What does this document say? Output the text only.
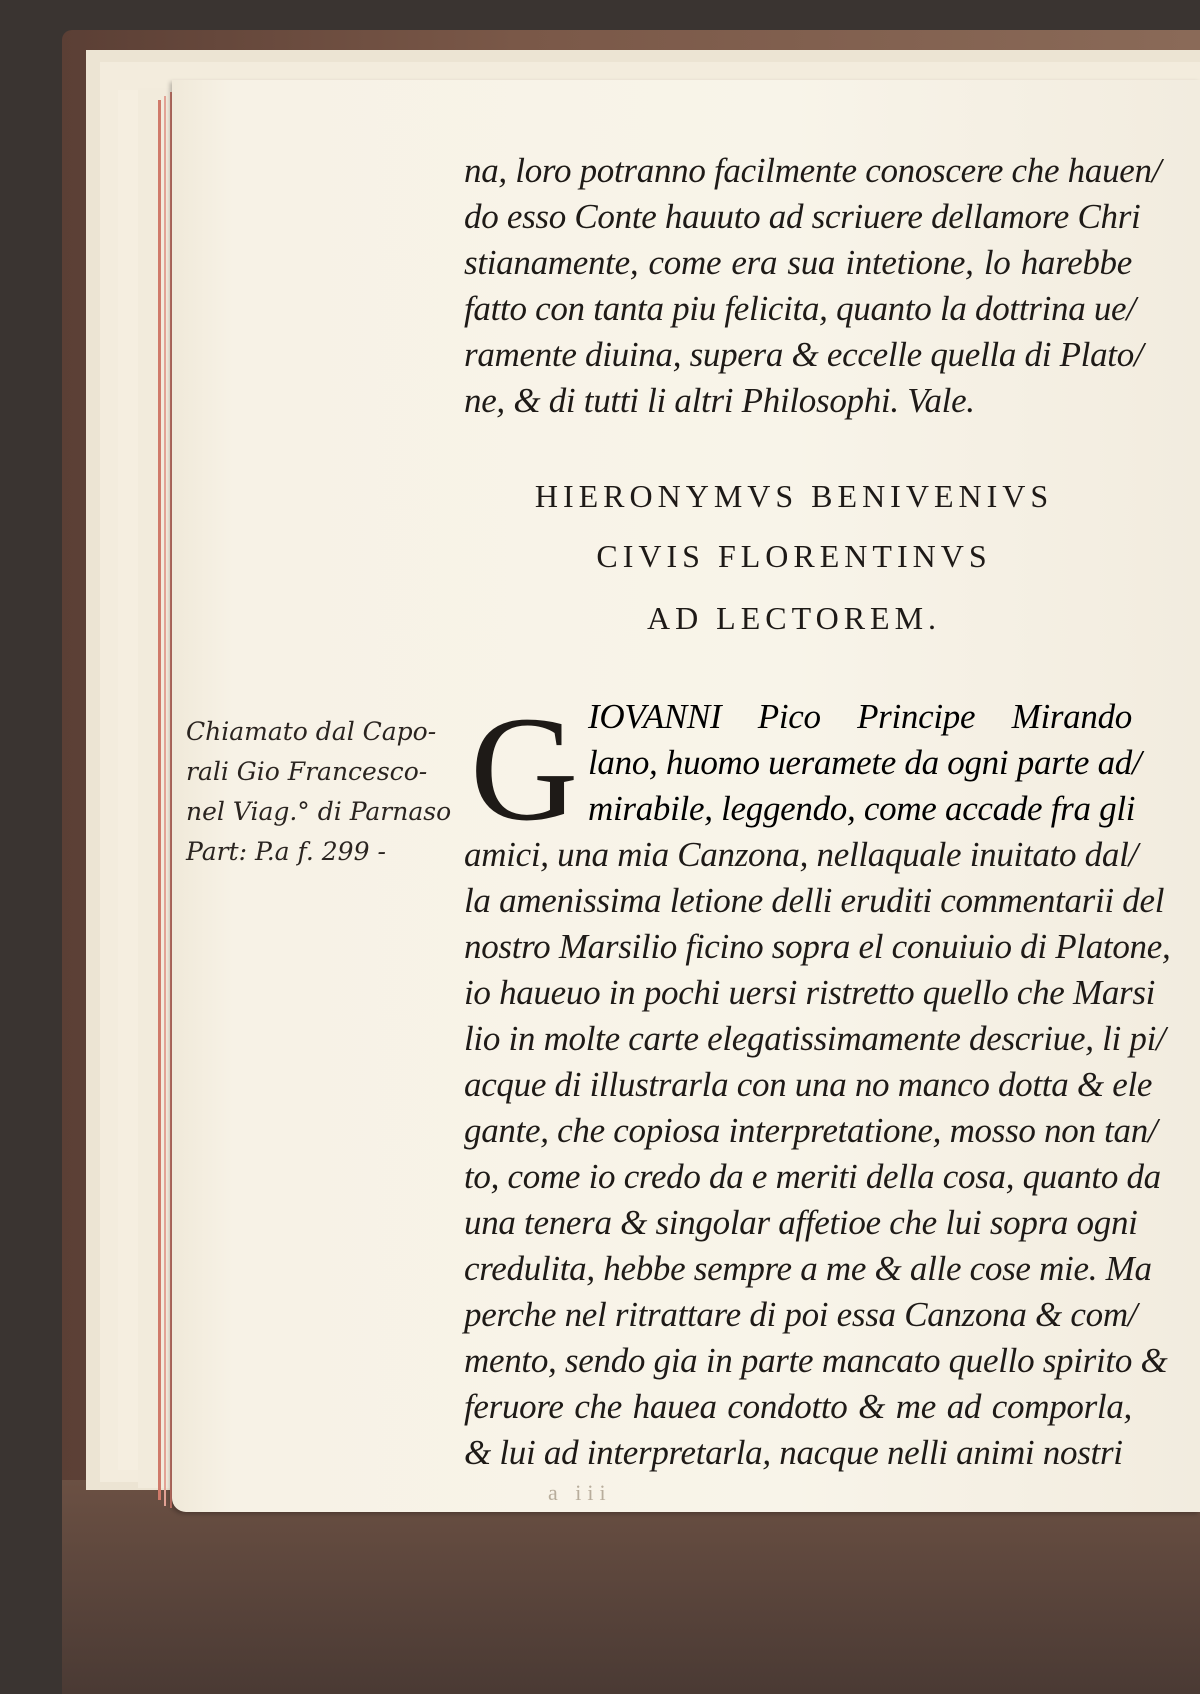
na, loro potranno facilmente conoscere che hauen/
do esso Conte hauuto ad scriuere dellamore Chri
stianamente, come era sua intetione, lo harebbe
fatto con tanta piu felicita, quanto la dottrina ue/
ramente diuina, supera & eccelle quella di Plato/
ne, & di tutti li altri Philosophi. Vale.
HIERONYMVS BENIVENIVS
CIVIS FLORENTINVS
AD LECTOREM.
G IOVANNI Pico Principe Mirando
lano, huomo ueramete da ogni parte ad/
mirabile, leggendo, come accade fra gli
amici, una mia Canzona, nellaquale inuitato dal/
la amenissima letione delli eruditi commentarii del
nostro Marsilio ficino sopra el conuiuio di Platone,
io haueuo in pochi uersi ristretto quello che Marsi
lio in molte carte elegatissimamente descriue, li pi/
acque di illustrarla con una no manco dotta & ele
gante, che copiosa interpretatione, mosso non tan/
to, come io credo da e meriti della cosa, quanto da
una tenera & singolar affetioe che lui sopra ogni
credulita, hebbe sempre a me & alle cose mie. Ma
perche nel ritrattare di poi essa Canzona & com/
mento, sendo gia in parte mancato quello spirito &
feruore che hauea condotto & me ad comporla,
& lui ad interpretarla, nacque nelli animi nostri
Chiamato dal Capo-
rali Gio Francesco-
nel Viag.° di Parnaso
Part: P.a f. 299 -
a iii
